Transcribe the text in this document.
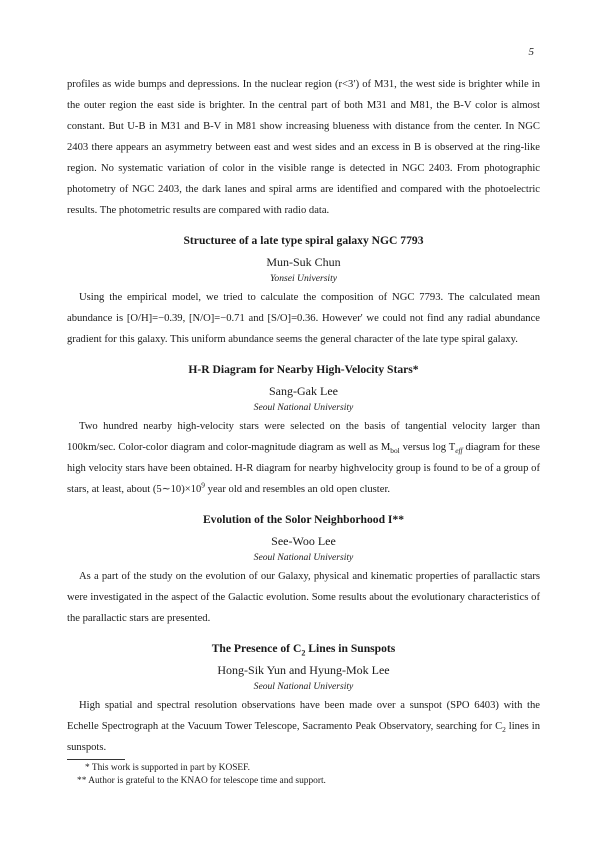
5

profiles as wide bumps and depressions. In the nuclear region (r<3′) of M31, the west side is brighter while in the outer region the east side is brighter. In the central part of both M31 and M81, the B-V color is almost constant. But U-B in M31 and B-V in M81 show increasing blueness with distance from the center. In NGC 2403 there appears an asymmetry between east and west sides and an excess in B is observed at the ring-like region. No systematic variation of color in the visible range is detected in NGC 2403. From photographic photometry of NGC 2403, the dark lanes and spiral arms are identified and compared with the photoelectric results. The photometric results are compared with radio data.

Structuree of a late type spiral galaxy NGC 7793

Mun-Suk Chun

Yonsei University

Using the empirical model, we tried to calculate the composition of NGC 7793. The calculated mean abundance is [O/H]=−0.39, [N/O]=−0.71 and [S/O]=0.36. However' we could not find any radial abundance gradient for this galaxy. This uniform abundance seems the general character of the late type spiral galaxy.

H-R Diagram for Nearby High-Velocity Stars*

Sang-Gak Lee

Seoul National University

Two hundred nearby high-velocity stars were selected on the basis of tangential velocity larger than 100km/sec. Color-color diagram and color-magnitude diagram as well as $M_{bol}$ versus $\log T_{eff}$ diagram for these high velocity stars have been obtained. H-R diagram for nearby highvelocity group is found to be of a group of stars, at least, about $(5\sim 10)\times 10^9$ year old and resembles an old open cluster.

Evolution of the Solor Neighborhood I**

See-Woo Lee

Seoul National University

As a part of the study on the evolution of our Galaxy, physical and kinematic properties of parallactic stars were investigated in the aspect of the Galactic evolution. Some results about the evolutionary characteristics of the parallactic stars are presented.

The Presence of $C_2$ Lines in Sunspots

Hong-Sik Yun and Hyung-Mok Lee

Seoul National University

High spatial and spectral resolution observations have been made over a sunspot (SPO 6403) with the Echelle Spectrograph at the Vacuum Tower Telescope, Sacramento Peak Observatory, searching for $C_2$ lines in sunspots.

* This work is supported in part by KOSEF.
** Author is grateful to the KNAO for telescope time and support.
